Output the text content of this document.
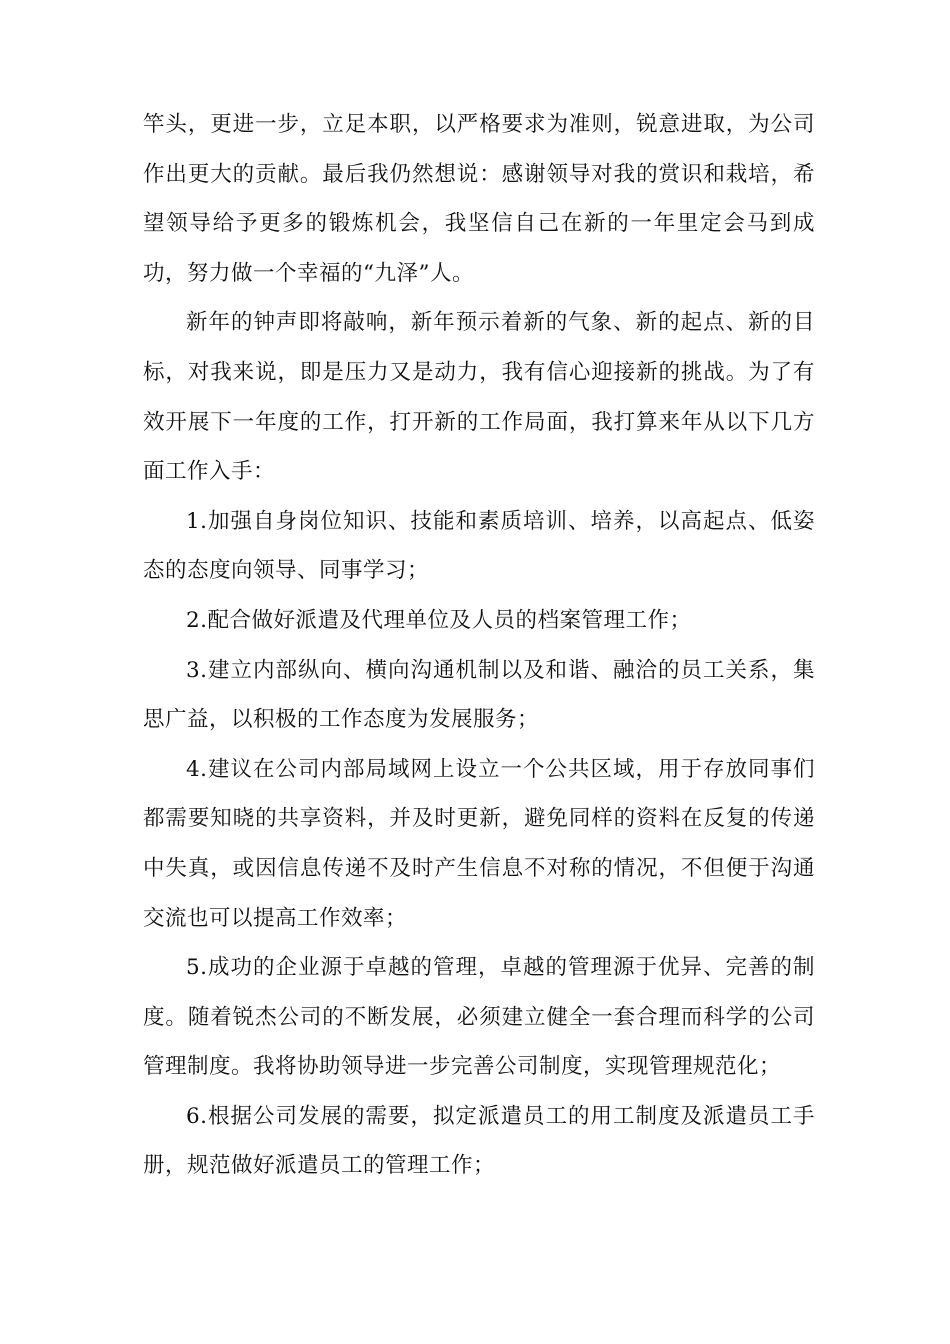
竿头，更进一步，立足本职，以严格要求为准则，锐意进取，为公司作出更大的贡献。最后我仍然想说：感谢领导对我的赏识和栽培，希望领导给予更多的锻炼机会，我坚信自己在新的一年里定会马到成功，努力做一个幸福的“九泽”人。

新年的钟声即将敲响，新年预示着新的气象、新的起点、新的目标，对我来说，即是压力又是动力，我有信心迎接新的挑战。为了有效开展下一年度的工作，打开新的工作局面，我打算来年从以下几方面工作入手：

1.加强自身岗位知识、技能和素质培训、培养，以高起点、低姿态的态度向领导、同事学习；

2.配合做好派遣及代理单位及人员的档案管理工作；

3.建立内部纵向、横向沟通机制以及和谐、融洽的员工关系，集思广益，以积极的工作态度为发展服务；

4.建议在公司内部局域网上设立一个公共区域，用于存放同事们都需要知晓的共享资料，并及时更新，避免同样的资料在反复的传递中失真，或因信息传递不及时产生信息不对称的情况，不但便于沟通交流也可以提高工作效率；

5.成功的企业源于卓越的管理，卓越的管理源于优异、完善的制度。随着锐杰公司的不断发展，必须建立健全一套合理而科学的公司管理制度。我将协助领导进一步完善公司制度，实现管理规范化；

6.根据公司发展的需要，拟定派遣员工的用工制度及派遣员工手册，规范做好派遣员工的管理工作；
